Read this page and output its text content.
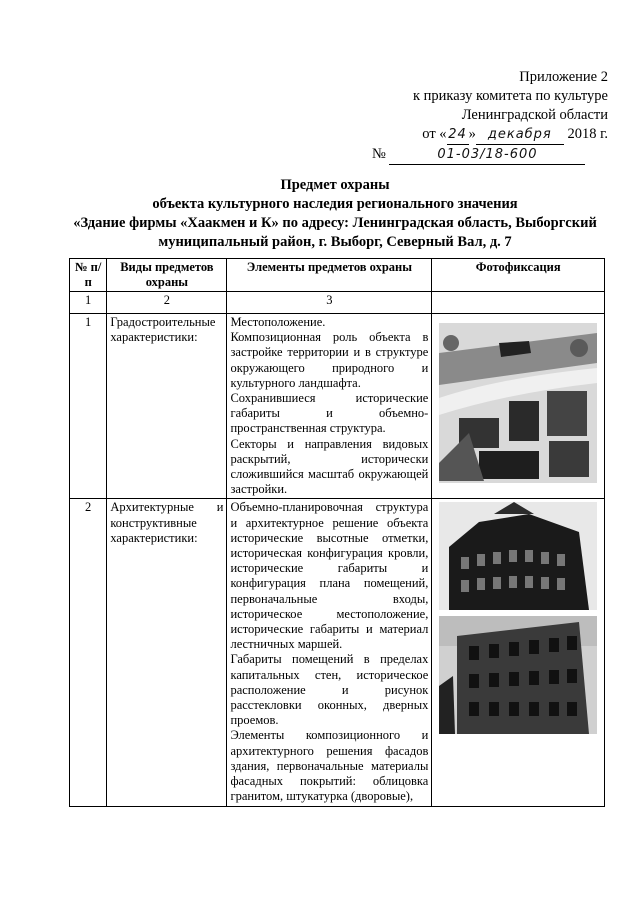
Приложение 2
к приказу комитета по культуре
Ленинградской области
от « 24 » декабря 2018 г.
№	01-03/18-600
Предмет охраны
объекта культурного наследия регионального значения
«Здание фирмы «Хаакмен и К» по адресу: Ленинградская область, Выборгский
муниципальный район, г. Выборг, Северный Вал, д. 7
№ п/п	Виды предметов охраны	Элементы предметов охраны	Фотофиксация
1	2	3	
1	Градостроительные характеристики:	Местоположение.

Композиционная роль объекта в застройке территории и в структуре окружающего природного и культурного ландшафта.

Сохранившиеся исторические габариты и объемно-пространственная структура.

Секторы и направления видовых раскрытий, исторически сложившийся масштаб окружающей застройки.

2	Архитектурные и конструктивные характеристики:	Объемно-планировочная структура и архитектурное решение объекта исторические высотные отметки, историческая конфигурация кровли, исторические габариты и конфигурация плана помещений, первоначальные входы, историческое местоположение, исторические габариты и материал лестничных маршей.

Габариты помещений в пределах капитальных стен, историческое расположение и рисунок расстекловки оконных, дверных проемов.

Элементы композиционного и архитектурного решения фасадов здания, первоначальные материалы фасадных покрытий: облицовка гранитом, штукатурка (дворовые),
